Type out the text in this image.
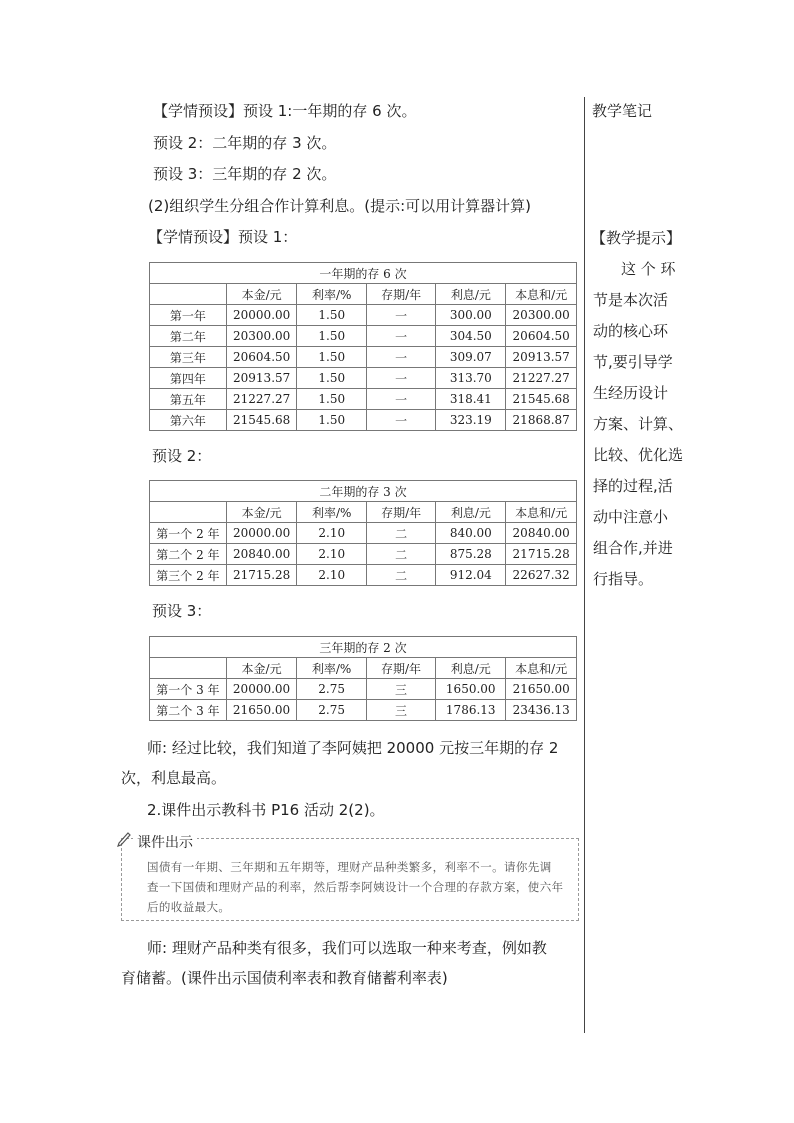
【学情预设】预设 1:一年期的存 6 次。
预设 2：二年期的存 3 次。
预设 3：三年期的存 2 次。
(2)组织学生分组合作计算利息。(提示:可以用计算器计算)
【学情预设】预设 1：
一年期的存 6 次					
	本金/元	利率/%	存期/年	利息/元	本息和/元
第一年	20000.00	1.50	一	300.00	20300.00
第二年	20300.00	1.50	一	304.50	20604.50
第三年	20604.50	1.50	一	309.07	20913.57
第四年	20913.57	1.50	一	313.70	21227.27
第五年	21227.27	1.50	一	318.41	21545.68
第六年	21545.68	1.50	一	323.19	21868.87
预设 2：
二年期的存 3 次					
	本金/元	利率/%	存期/年	利息/元	本息和/元
第一个 2 年	20000.00	2.10	二	840.00	20840.00
第二个 2 年	20840.00	2.10	二	875.28	21715.28
第三个 2 年	21715.28	2.10	二	912.04	22627.32
预设 3：
三年期的存 2 次					
	本金/元	利率/%	存期/年	利息/元	本息和/元
第一个 3 年	20000.00	2.75	三	1650.00	21650.00
第二个 3 年	21650.00	2.75	三	1786.13	23436.13
师: 经过比较，我们知道了李阿姨把 20000 元按三年期的存 2
次，利息最高。
2.课件出示教科书 P16 活动 2(2)。
课件出示
国债有一年期、三年期和五年期等，理财产品种类繁多，利率不一。请你先调
查一下国债和理财产品的利率，然后帮李阿姨设计一个合理的存款方案，使六年
后的收益最大。
师: 理财产品种类有很多，我们可以选取一种来考查，例如教
育储蓄。(课件出示国债利率表和教育储蓄利率表)
教学笔记
【教学提示】
这 个 环
节是本次活
动的核心环
节,要引导学
生经历设计
方案、计算、
比较、优化选
择的过程,活
动中注意小
组合作,并进
行指导。
